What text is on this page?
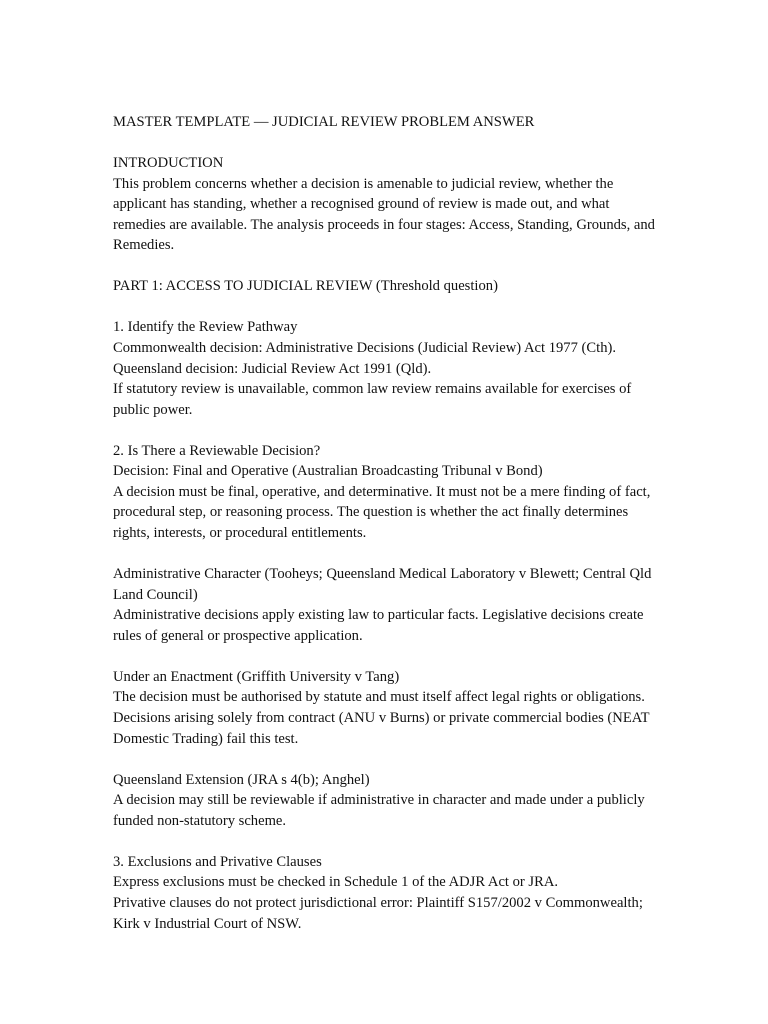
MASTER TEMPLATE — JUDICIAL REVIEW PROBLEM ANSWER

INTRODUCTION

This problem concerns whether a decision is amenable to judicial review, whether the applicant has standing, whether a recognised ground of review is made out, and what remedies are available. The analysis proceeds in four stages: Access, Standing, Grounds, and Remedies.

PART 1: ACCESS TO JUDICIAL REVIEW (Threshold question)

1. Identify the Review Pathway

Commonwealth decision: Administrative Decisions (Judicial Review) Act 1977 (Cth).

Queensland decision: Judicial Review Act 1991 (Qld).

If statutory review is unavailable, common law review remains available for exercises of public power.

2. Is There a Reviewable Decision?

Decision: Final and Operative (Australian Broadcasting Tribunal v Bond)

A decision must be final, operative, and determinative. It must not be a mere finding of fact, procedural step, or reasoning process. The question is whether the act finally determines rights, interests, or procedural entitlements.

Administrative Character (Tooheys; Queensland Medical Laboratory v Blewett; Central Qld Land Council)

Administrative decisions apply existing law to particular facts. Legislative decisions create rules of general or prospective application.

Under an Enactment (Griffith University v Tang)

The decision must be authorised by statute and must itself affect legal rights or obligations. Decisions arising solely from contract (ANU v Burns) or private commercial bodies (NEAT Domestic Trading) fail this test.

Queensland Extension (JRA s 4(b); Anghel)

A decision may still be reviewable if administrative in character and made under a publicly funded non-statutory scheme.

3. Exclusions and Privative Clauses

Express exclusions must be checked in Schedule 1 of the ADJR Act or JRA.

Privative clauses do not protect jurisdictional error: Plaintiff S157/2002 v Commonwealth; Kirk v Industrial Court of NSW.
